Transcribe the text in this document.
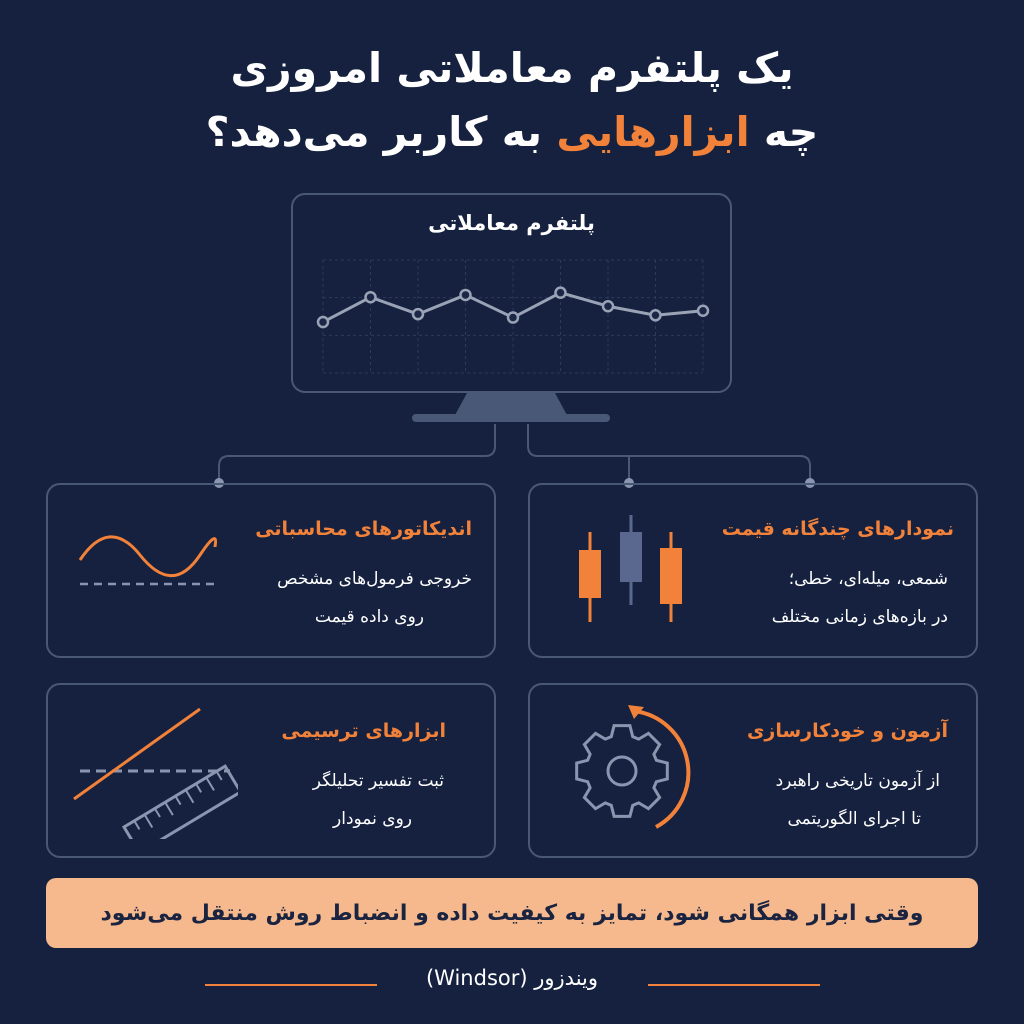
یک پلتفرم معاملاتی امروزی
چه ابزارهایی به کاربر می‌دهد؟
پلتفرم معاملاتی
نمودارهای چندگانه قیمت
شمعی، میله‌ای، خطی؛
در بازه‌های زمانی مختلف
اندیکاتورهای محاسباتی
خروجی فرمول‌های مشخص
روی داده قیمت
آزمون و خودکارسازی
از آزمون تاریخی راهبرد
تا اجرای الگوریتمی
ابزارهای ترسیمی
ثبت تفسیر تحلیلگر
روی نمودار
وقتی ابزار همگانی شود، تمایز به کیفیت داده و انضباط روش منتقل می‌شود
ویندزور (Windsor)
